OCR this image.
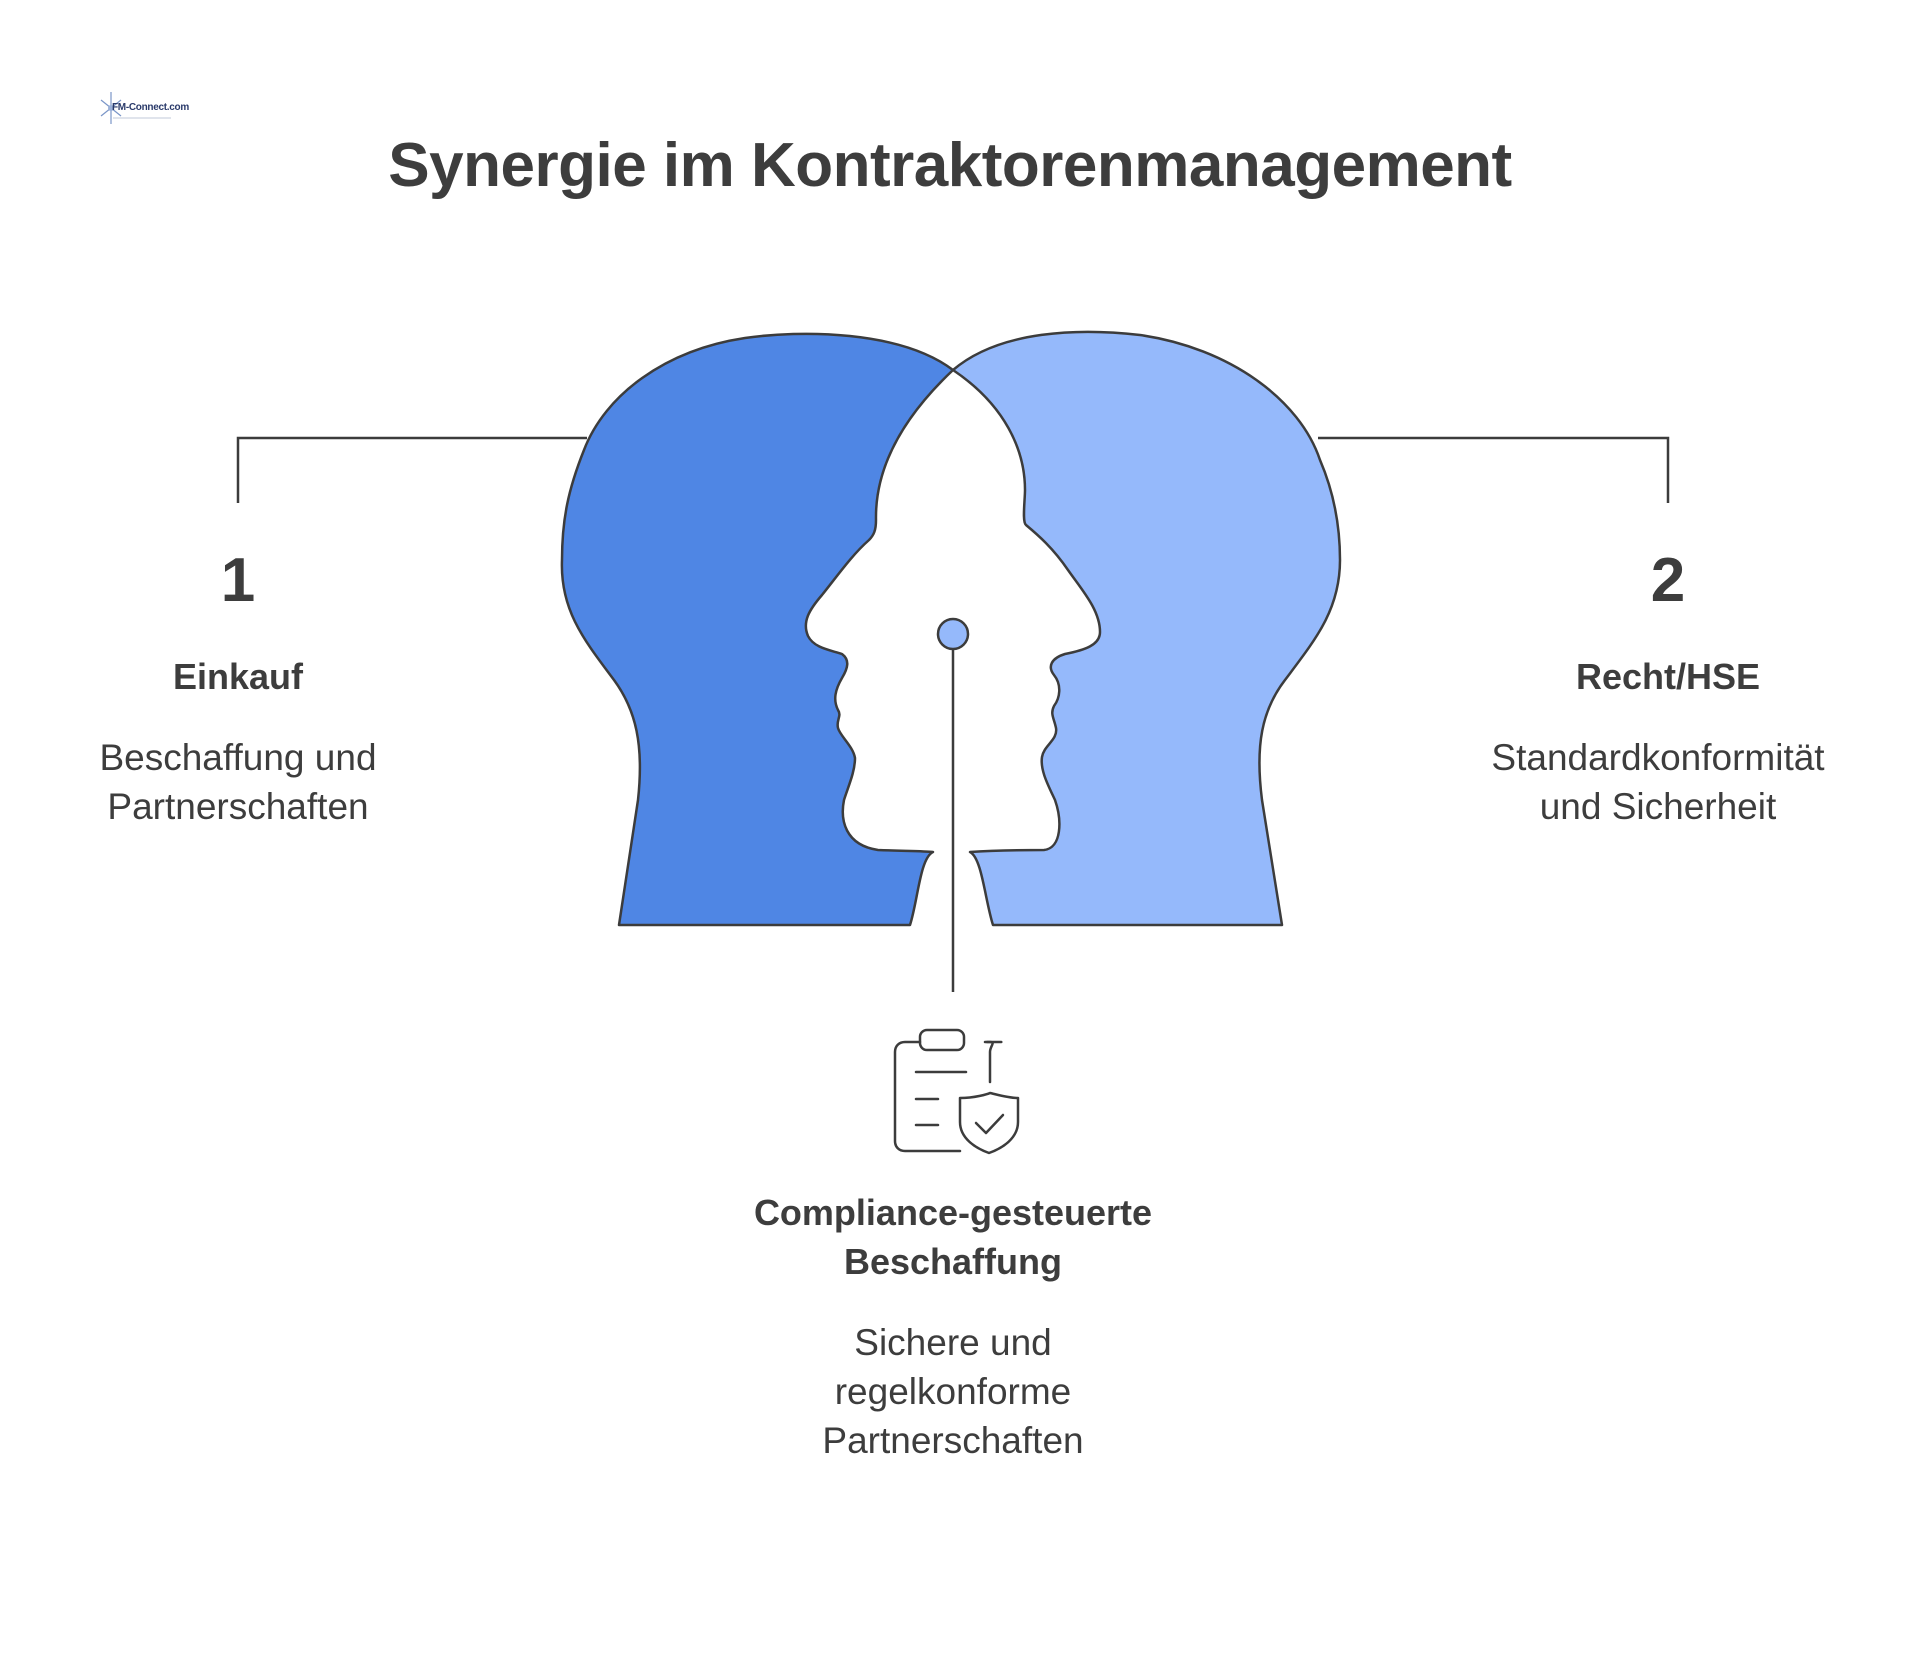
FM-Connect.com
Synergie im Kontraktorenmanagement
1
Einkauf
Beschaffung und
Partnerschaften
2
Recht/HSE
Standardkonformität
und Sicherheit
Compliance-gesteuerte
Beschaffung
Sichere und
regelkonforme
Partnerschaften
